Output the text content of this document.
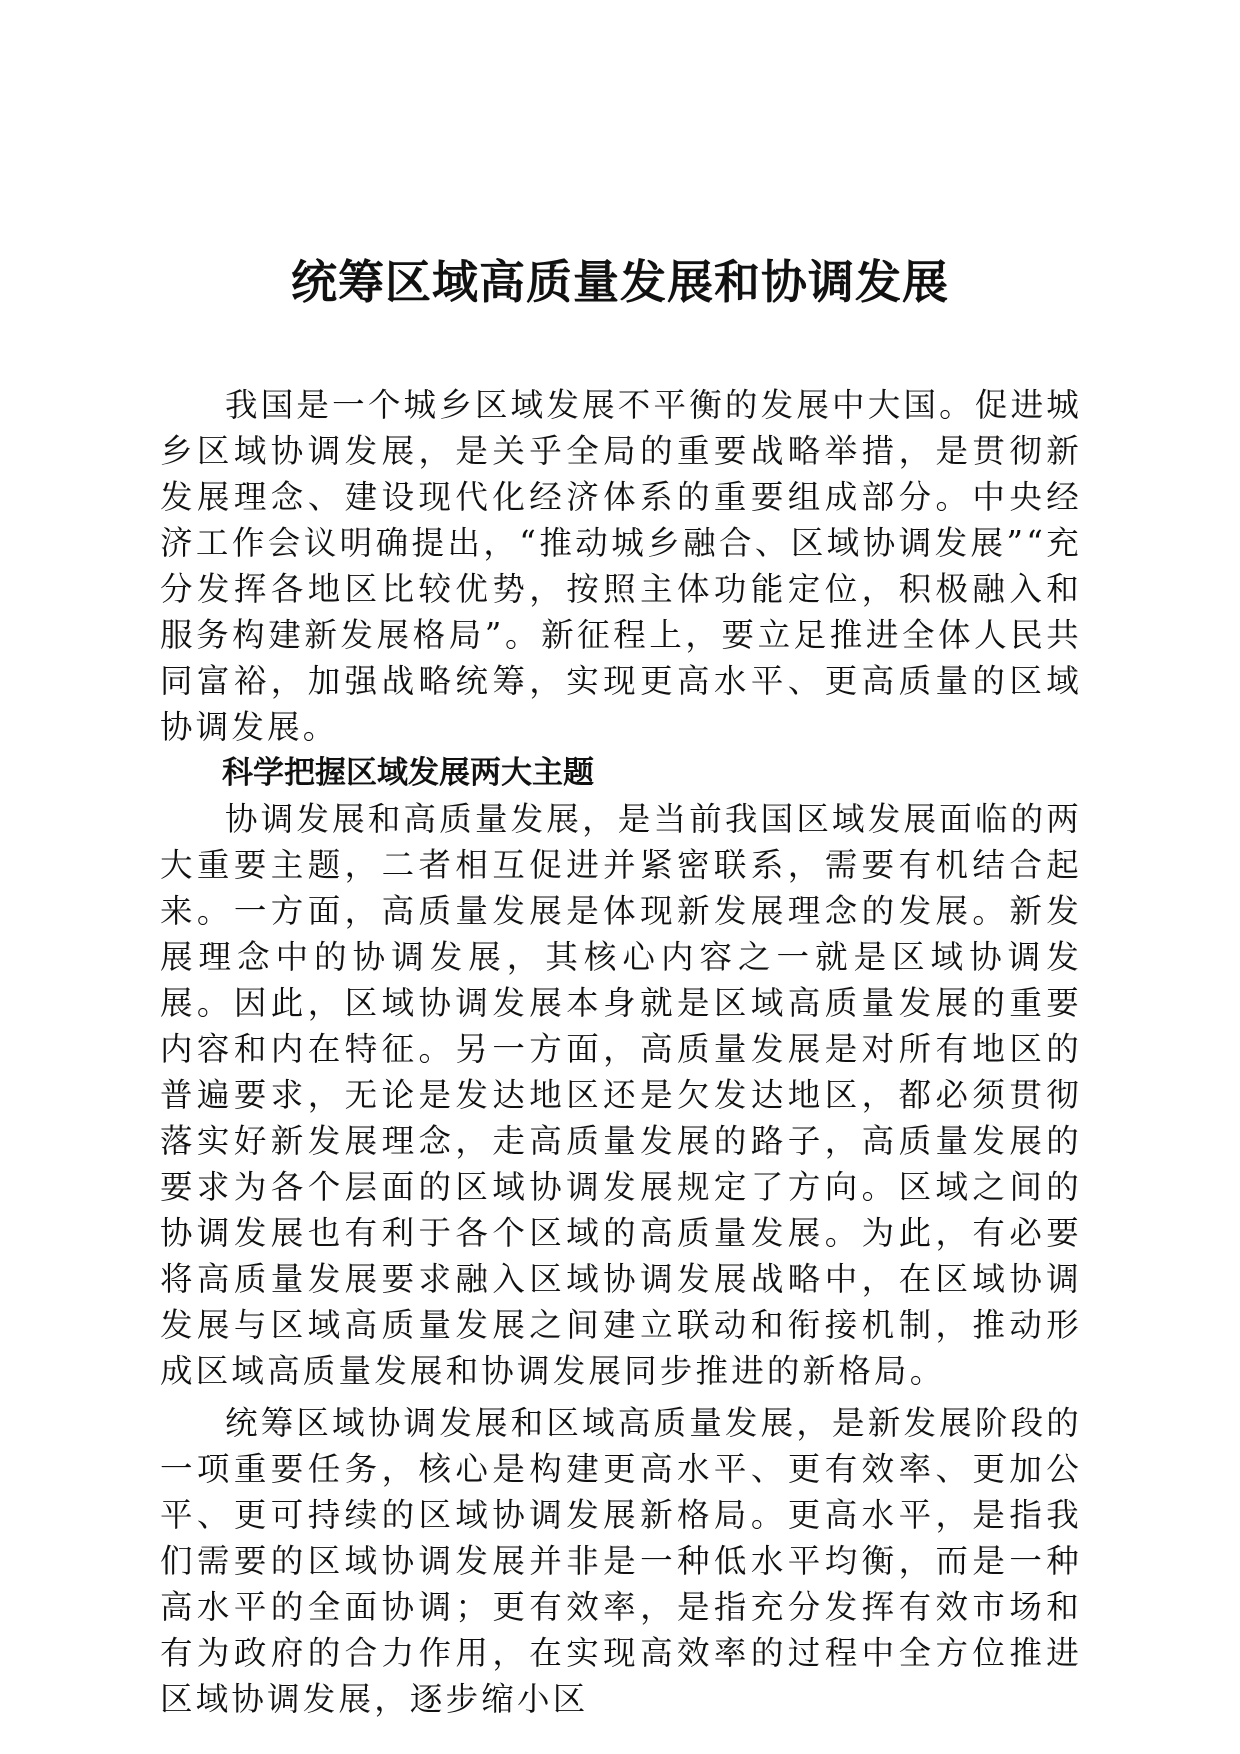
统筹区域高质量发展和协调发展

我国是一个城乡区域发展不平衡的发展中大国。促进城乡区域协调发展，是关乎全局的重要战略举措，是贯彻新发展理念、建设现代化经济体系的重要组成部分。中央经济工作会议明确提出，“推动城乡融合、区域协调发展”“充分发挥各地区比较优势，按照主体功能定位，积极融入和服务构建新发展格局”。新征程上，要立足推进全体人民共同富裕，加强战略统筹，实现更高水平、更高质量的区域协调发展。

科学把握区域发展两大主题

协调发展和高质量发展，是当前我国区域发展面临的两大重要主题，二者相互促进并紧密联系，需要有机结合起来。一方面，高质量发展是体现新发展理念的发展。新发展理念中的协调发展，其核心内容之一就是区域协调发展。因此，区域协调发展本身就是区域高质量发展的重要内容和内在特征。另一方面，高质量发展是对所有地区的普遍要求，无论是发达地区还是欠发达地区，都必须贯彻落实好新发展理念，走高质量发展的路子，高质量发展的要求为各个层面的区域协调发展规定了方向。区域之间的协调发展也有利于各个区域的高质量发展。为此，有必要将高质量发展要求融入区域协调发展战略中，在区域协调发展与区域高质量发展之间建立联动和衔接机制，推动形成区域高质量发展和协调发展同步推进的新格局。

统筹区域协调发展和区域高质量发展，是新发展阶段的一项重要任务，核心是构建更高水平、更有效率、更加公平、更可持续的区域协调发展新格局。更高水平，是指我们需要的区域协调发展并非是一种低水平均衡，而是一种高水平的全面协调；更有效率，是指充分发挥有效市场和有为政府的合力作用，在实现高效率的过程中全方位推进区域协调发展，逐步缩小区
